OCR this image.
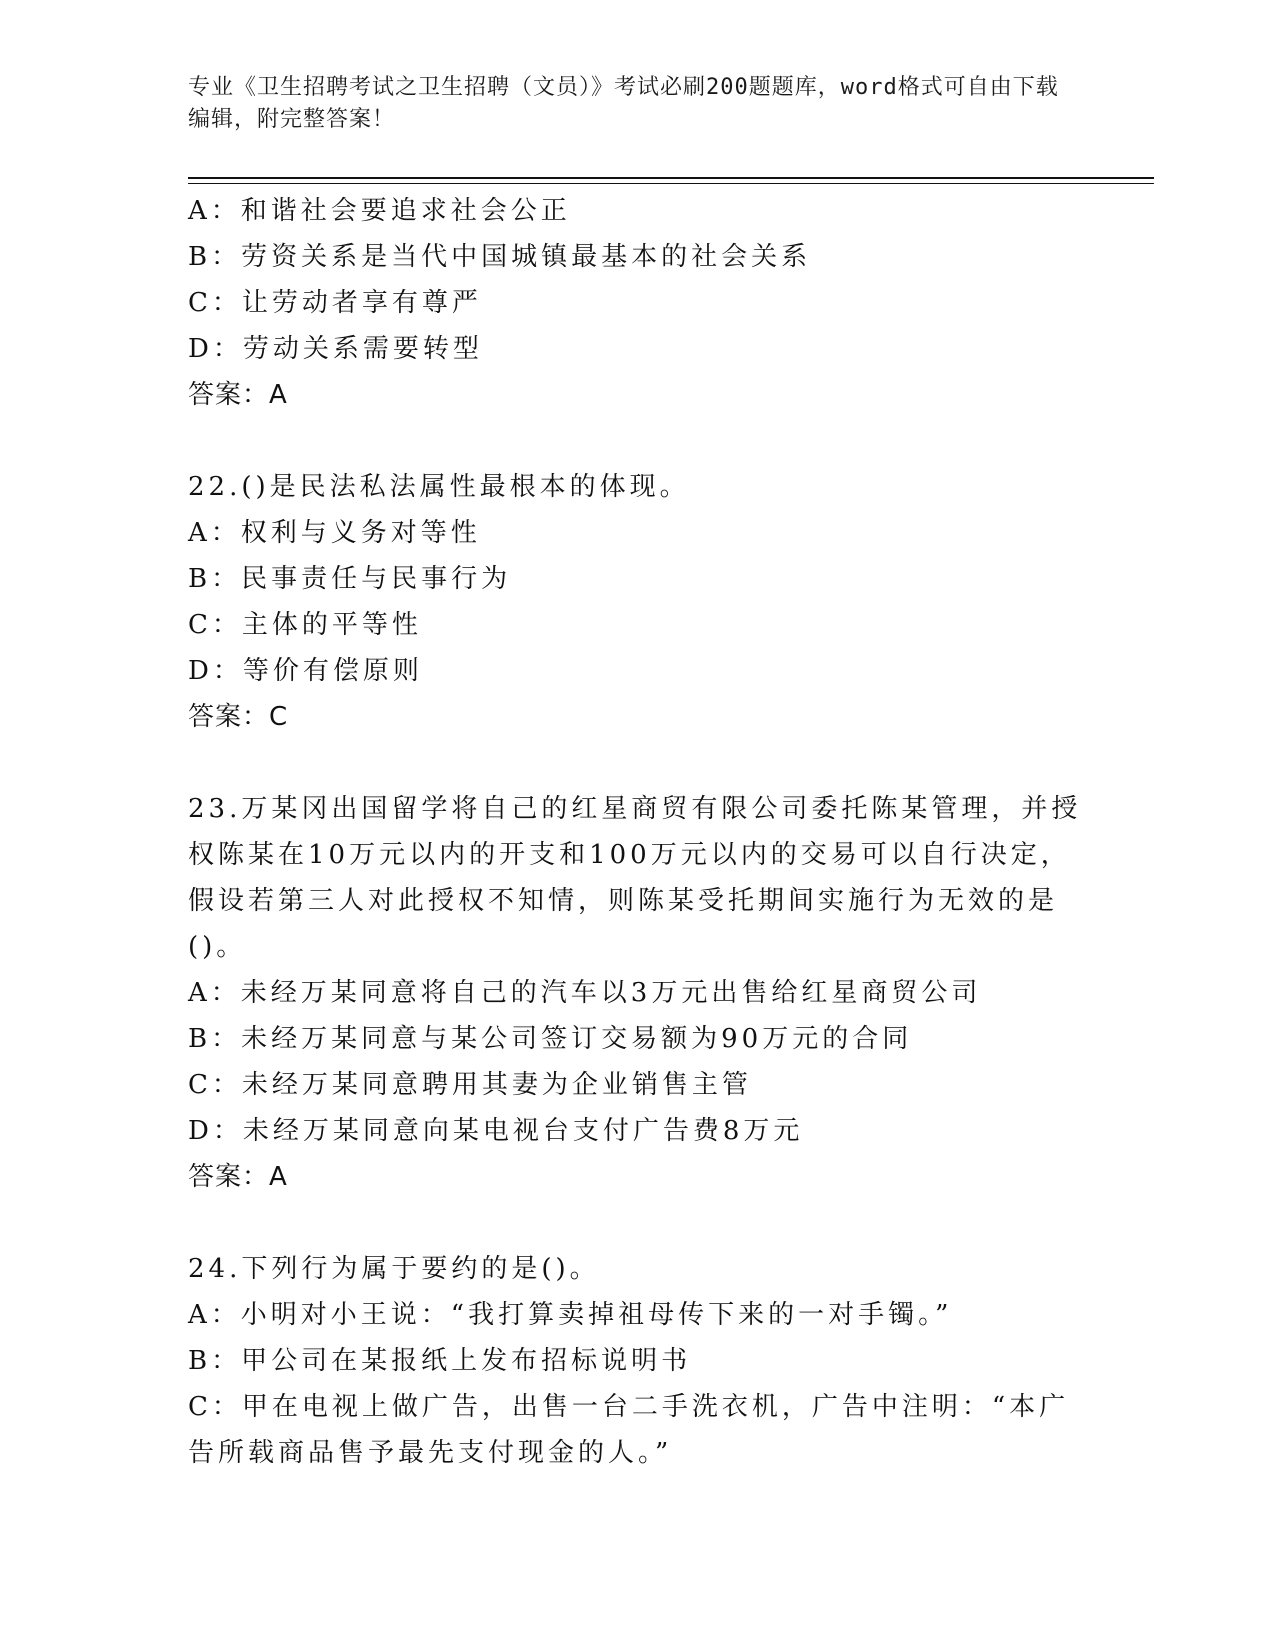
专业《卫生招聘考试之卫生招聘（文员）》考试必刷200题题库，word格式可自由下载编辑，附完整答案！

A：和谐社会要追求社会公正

B：劳资关系是当代中国城镇最基本的社会关系

C：让劳动者享有尊严

D：劳动关系需要转型

答案：A

22.()是民法私法属性最根本的体现。

A：权利与义务对等性

B：民事责任与民事行为

C：主体的平等性

D：等价有偿原则

答案：C

23.万某冈出国留学将自己的红星商贸有限公司委托陈某管理，并授权陈某在10万元以内的开支和100万元以内的交易可以自行决定，假设若第三人对此授权不知情，则陈某受托期间实施行为无效的是()。

A：未经万某同意将自己的汽车以3万元出售给红星商贸公司

B：未经万某同意与某公司签订交易额为90万元的合同

C：未经万某同意聘用其妻为企业销售主管

D：未经万某同意向某电视台支付广告费8万元

答案：A

24.下列行为属于要约的是()。

A：小明对小王说：“我打算卖掉祖母传下来的一对手镯。”

B：甲公司在某报纸上发布招标说明书

C：甲在电视上做广告，出售一台二手洗衣机，广告中注明：“本广告所载商品售予最先支付现金的人。”
